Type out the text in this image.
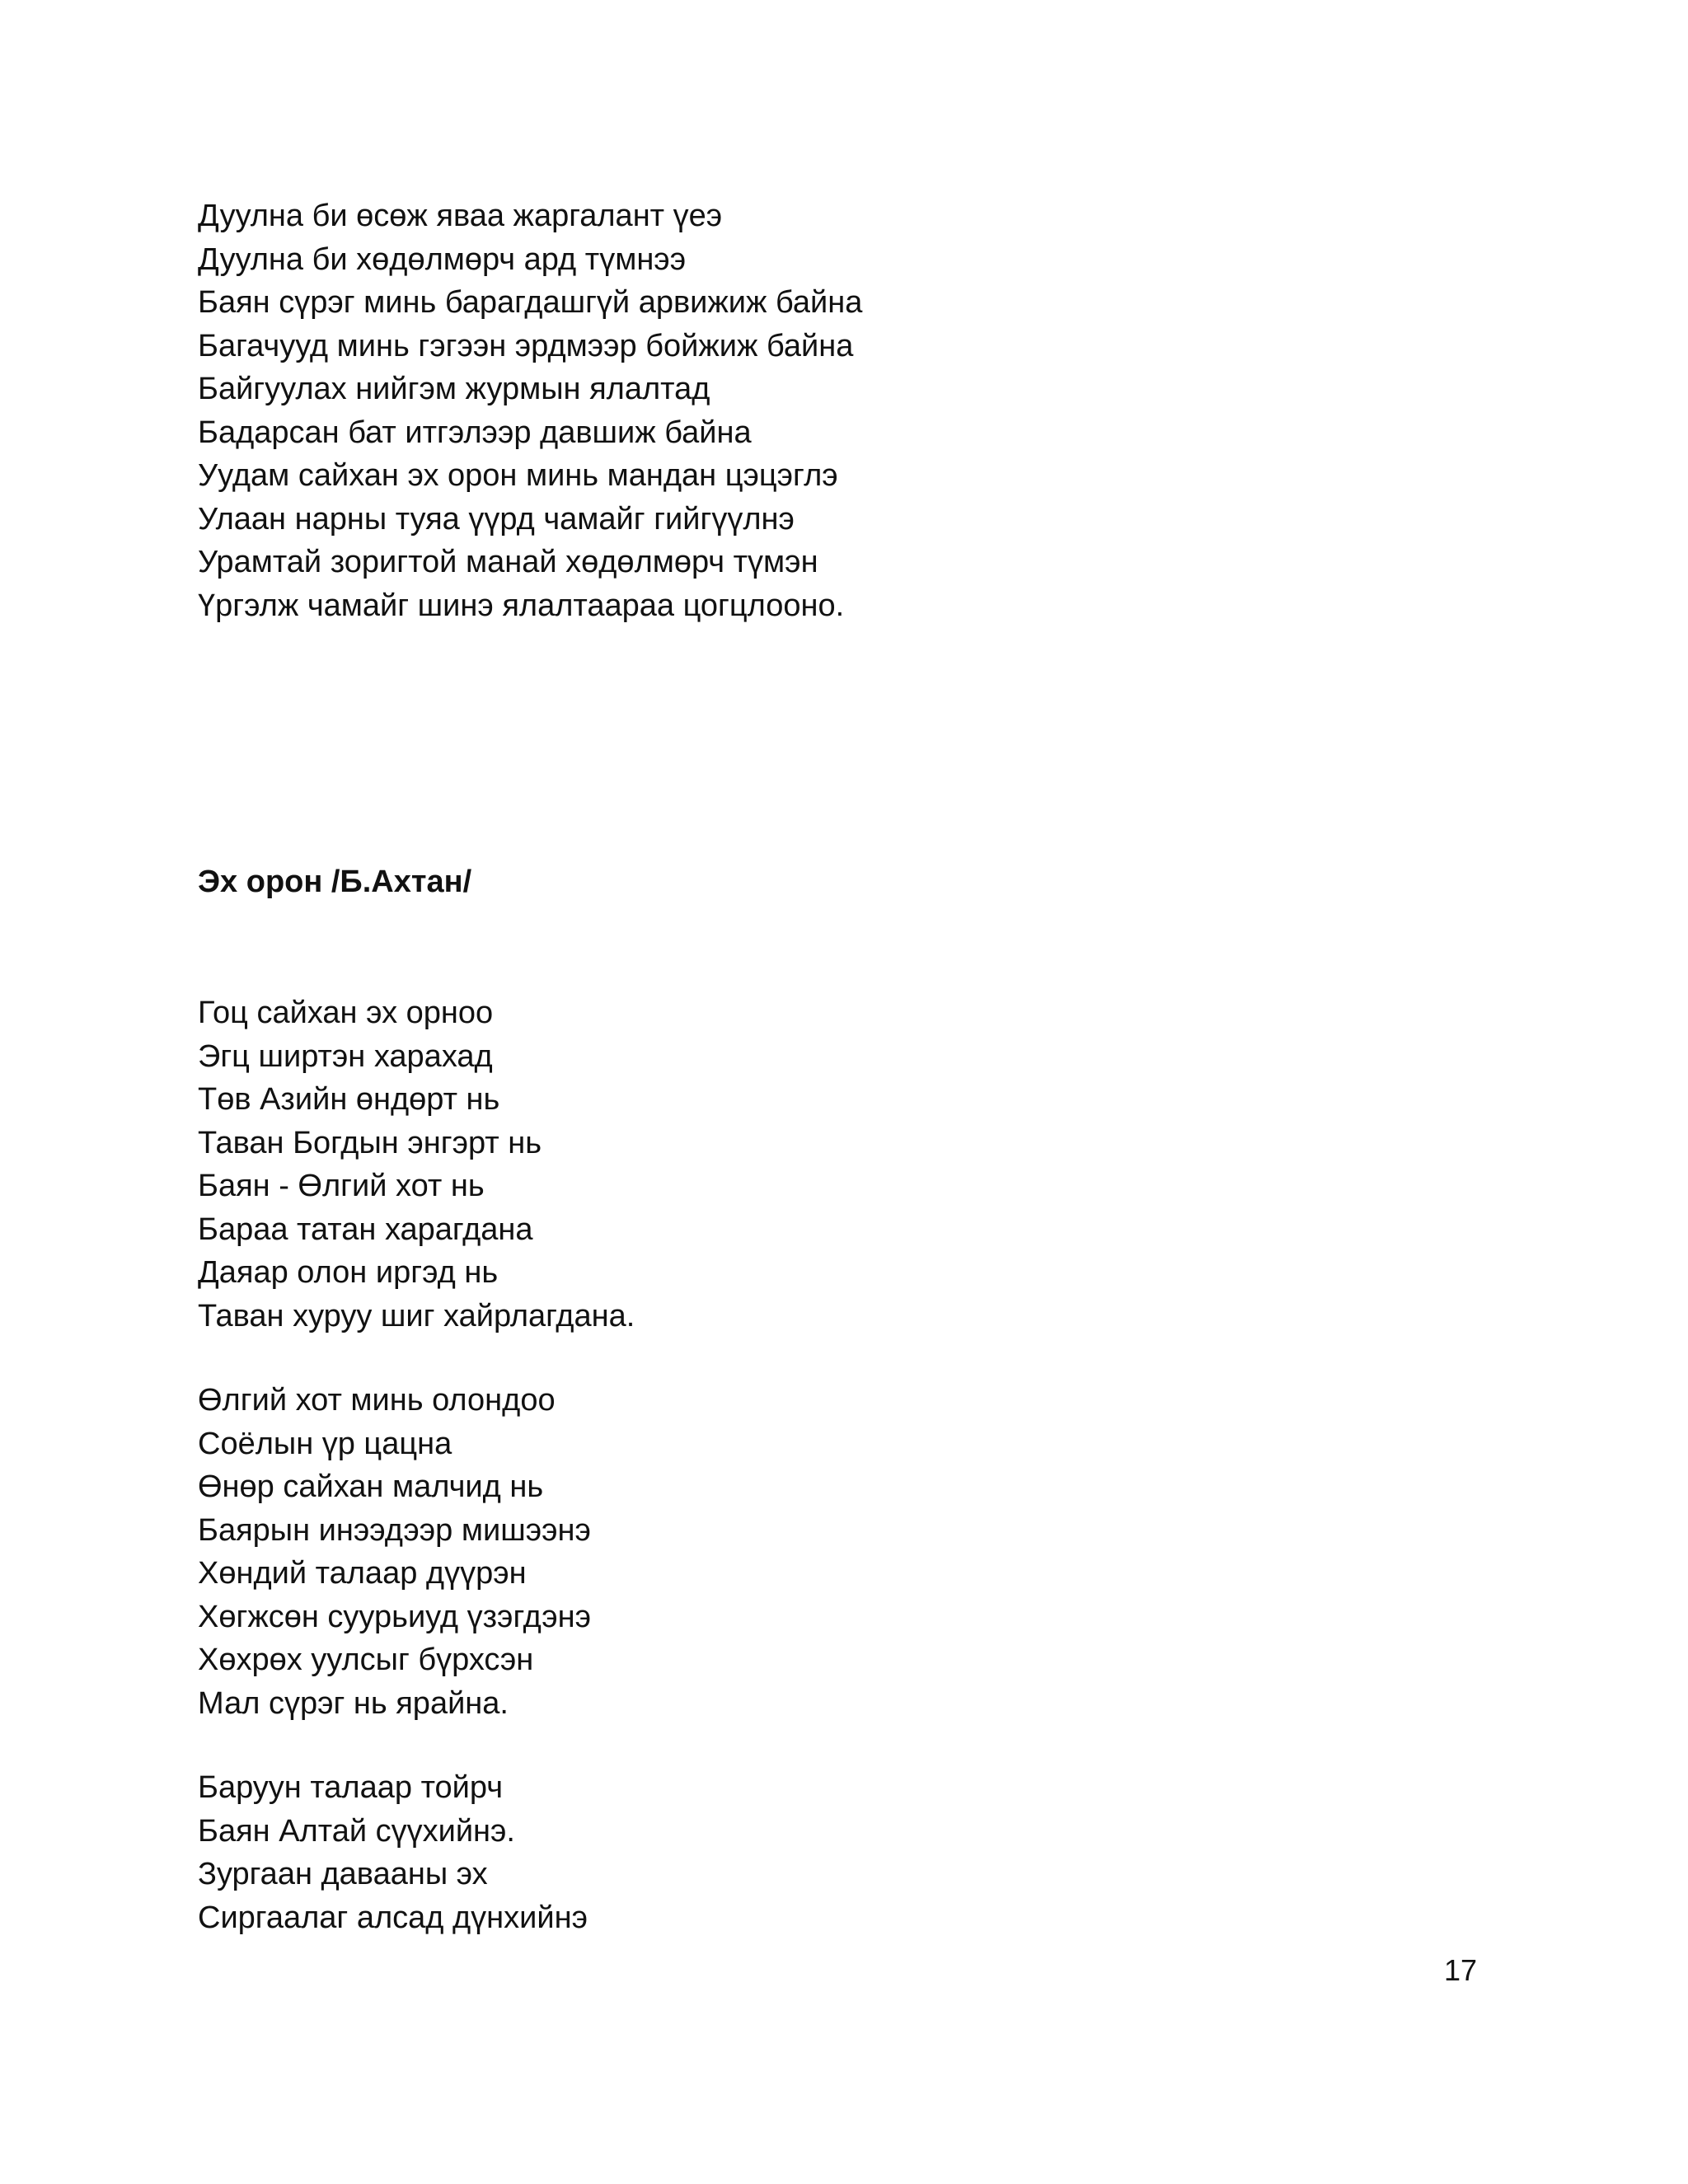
Дуулна би өсөж яваа жаргалант үеэ
Дуулна би хөдөлмөрч ард түмнээ
Баян сүрэг минь барагдашгүй арвижиж байна
Багачууд минь гэгээн эрдмээр бойжиж байна
Байгуулах нийгэм журмын ялалтад
Бадарсан бат итгэлээр давшиж байна
Уудам сайхан эх орон минь мандан цэцэглэ
Улаан нарны туяа үүрд чамайг гийгүүлнэ
Урамтай зоригтой манай хөдөлмөрч түмэн
Үргэлж чамайг шинэ ялалтаараа цогцлооно.
Эх орон /Б.Ахтан/
Гоц сайхан эх орноо
Эгц ширтэн харахад
Төв Азийн өндөрт нь
Таван Богдын энгэрт нь
Баян - Өлгий хот нь
Бараа татан харагдана
Даяар олон иргэд нь
Таван хуруу шиг хайрлагдана.
Өлгий хот минь олондоо
Соёлын үр цацна
Өнөр сайхан малчид нь
Баярын инээдээр мишээнэ
Хөндий талаар дүүрэн
Хөгжсөн суурьиуд үзэгдэнэ
Хөхрөх уулсыг бүрхсэн
Мал сүрэг нь ярайна.
Баруун талаар тойрч
Баян Алтай сүүхийнэ.
Зургаан давааны эх
Сиргаалаг алсад дүнхийнэ
17
